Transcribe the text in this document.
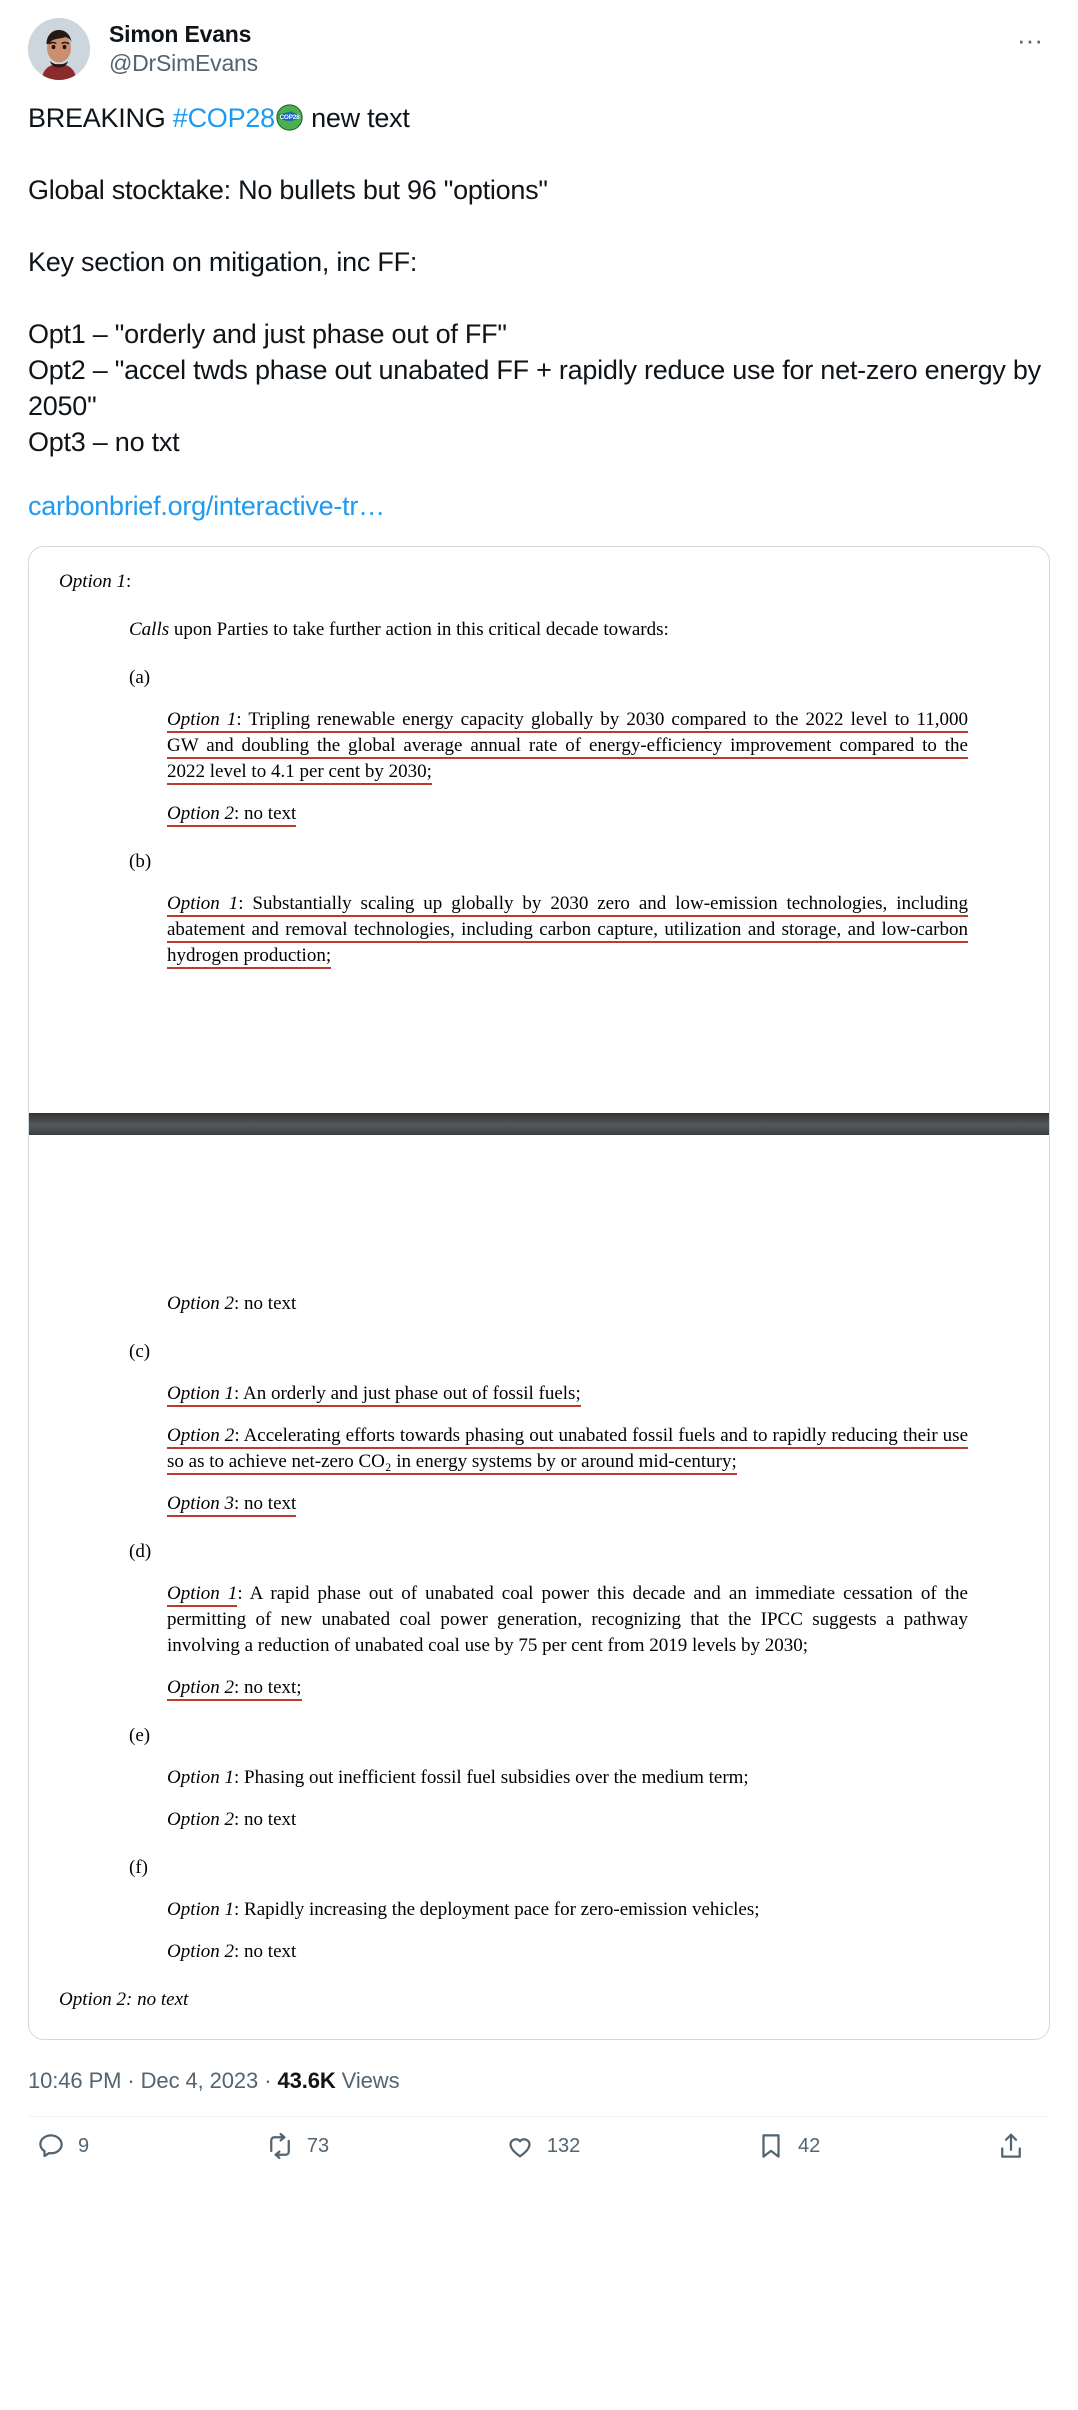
Simon Evans
@DrSimEvans
···

BREAKING #COP28 COP28 new text

Global stocktake: No bullets but 96 "options"

Key section on mitigation, inc FF:

Opt1 – "orderly and just phase out of FF"

Opt2 – "accel twds phase out unabated FF + rapidly reduce use for net-zero energy by 2050"

Opt3 – no txt

carbonbrief.org/interactive-tr…
Option 1:
Calls upon Parties to take further action in this critical decade towards:
(a)
Option 1: Tripling renewable energy capacity globally by 2030 compared to the 2022 level to 11,000 GW and doubling the global average annual rate of energy-efficiency improvement compared to the 2022 level to 4.1 per cent by 2030;
Option 2: no text
(b)
Option 1: Substantially scaling up globally by 2030 zero and low-emission technologies, including abatement and removal technologies, including carbon capture, utilization and storage, and low-carbon hydrogen production;
Option 2: no text
(c)
Option 1: An orderly and just phase out of fossil fuels;
Option 2: Accelerating efforts towards phasing out unabated fossil fuels and to rapidly reducing their use so as to achieve net-zero CO₂ in energy systems by or around mid-century;
Option 3: no text
(d)
Option 1: A rapid phase out of unabated coal power this decade and an immediate cessation of the permitting of new unabated coal power generation, recognizing that the IPCC suggests a pathway involving a reduction of unabated coal use by 75 per cent from 2019 levels by 2030;
Option 2: no text;
(e)
Option 1: Phasing out inefficient fossil fuel subsidies over the medium term;
Option 2: no text
(f)
Option 1: Rapidly increasing the deployment pace for zero-emission vehicles;
Option 2: no text
Option 2: no text
10:46 PM · Dec 4, 2023 · 43.6K Views
9	73	132	42
